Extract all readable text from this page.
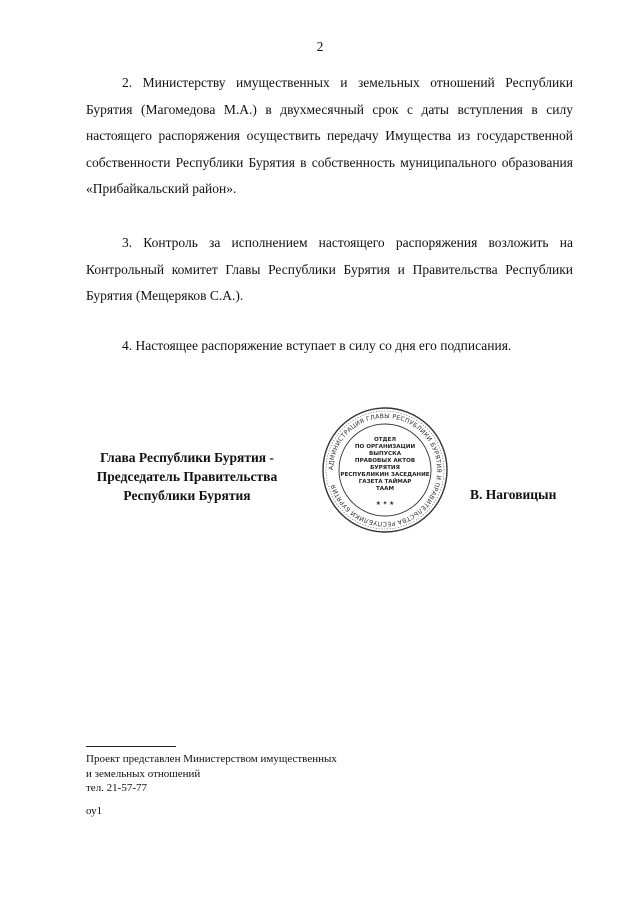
2

2. Министерству имущественных и земельных отношений Республики Бурятия (Магомедова М.А.) в двухмесячный срок с даты вступления в силу настоящего распоряжения осуществить передачу Имущества из государственной собственности Республики Бурятия в собственность муниципального образования «Прибайкальский район».

3. Контроль за исполнением настоящего распоряжения возложить на Контрольный комитет Главы Республики Бурятия и Правительства Республики Бурятия (Мещеряков С.А.).

4. Настоящее распоряжение вступает в силу со дня его подписания.

Глава Республики Бурятия -
Председатель Правительства
Республики Бурятия
АДМИНИСТРАЦИЯ ГЛАВЫ РЕСПУБЛИКИ БУРЯТИЯ И ПРАВИТЕЛЬСТВА РЕСПУБЛИКИ БУРЯТИЯ
ОТДЕЛ
ПО ОРГАНИЗАЦИИ
ВЫПУСКА
ПРАВОВЫХ АКТОВ
БУРЯТИЯ
РЕСПУБЛИКИН ЗАСЕДАНИЕ
ГАЗЕТА ТАЙМАР
ТААМ
★ ✦ ★
В. Наговицын
Проект представлен Министерством имущественных
и земельных отношений
тел. 21-57-77
оу1
